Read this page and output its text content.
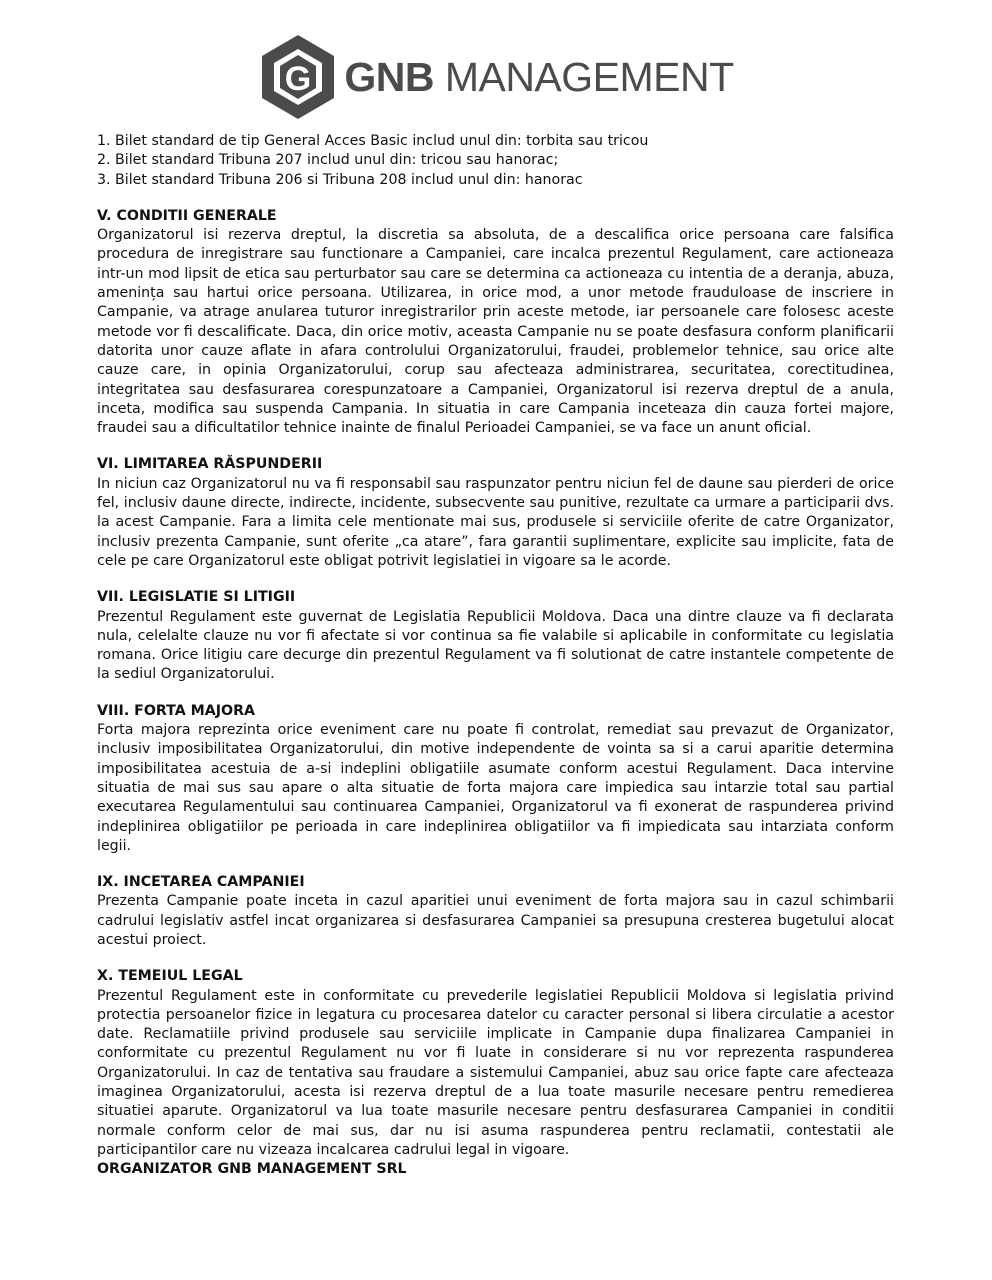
G GNB MANAGEMENT

1. Bilet standard de tip General Acces Basic includ unul din: torbita sau tricou

2. Bilet standard Tribuna 207 includ unul din: tricou sau hanorac;

3. Bilet standard Tribuna 206 si Tribuna 208 includ unul din: hanorac

V. CONDITII GENERALE

Organizatorul isi rezerva dreptul, la discretia sa absoluta, de a descalifica orice persoana care falsifica procedura de inregistrare sau functionare a Campaniei, care incalca prezentul Regulament, care actioneaza intr-un mod lipsit de etica sau perturbator sau care se determina ca actioneaza cu intentia de a deranja, abuza, amenința sau hartui orice persoana. Utilizarea, in orice mod, a unor metode frauduloase de inscriere in Campanie, va atrage anularea tuturor inregistrarilor prin aceste metode, iar persoanele care folosesc aceste metode vor fi descalificate. Daca, din orice motiv, aceasta Campanie nu se poate desfasura conform planificarii datorita unor cauze aflate in afara controlului Organizatorului, fraudei, problemelor tehnice, sau orice alte cauze care, in opinia Organizatorului, corup sau afecteaza administrarea, securitatea, corectitudinea, integritatea sau desfasurarea corespunzatoare a Campaniei, Organizatorul isi rezerva dreptul de a anula, inceta, modifica sau suspenda Campania. In situatia in care Campania inceteaza din cauza fortei majore, fraudei sau a dificultatilor tehnice inainte de finalul Perioadei Campaniei, se va face un anunt oficial.

VI. LIMITAREA RĂSPUNDERII

In niciun caz Organizatorul nu va fi responsabil sau raspunzator pentru niciun fel de daune sau pierderi de orice fel, inclusiv daune directe, indirecte, incidente, subsecvente sau punitive, rezultate ca urmare a participarii dvs. la acest Campanie. Fara a limita cele mentionate mai sus, produsele si serviciile oferite de catre Organizator, inclusiv prezenta Campanie, sunt oferite „ca atare”, fara garantii suplimentare, explicite sau implicite, fata de cele pe care Organizatorul este obligat potrivit legislatiei in vigoare sa le acorde.

VII. LEGISLATIE SI LITIGII

Prezentul Regulament este guvernat de Legislatia Republicii Moldova. Daca una dintre clauze va fi declarata nula, celelalte clauze nu vor fi afectate si vor continua sa fie valabile si aplicabile in conformitate cu legislatia romana. Orice litigiu care decurge din prezentul Regulament va fi solutionat de catre instantele competente de la sediul Organizatorului.

VIII. FORTA MAJORA

Forta majora reprezinta orice eveniment care nu poate fi controlat, remediat sau prevazut de Organizator, inclusiv imposibilitatea Organizatorului, din motive independente de vointa sa si a carui aparitie determina imposibilitatea acestuia de a-si indeplini obligatiile asumate conform acestui Regulament. Daca intervine situatia de mai sus sau apare o alta situatie de forta majora care impiedica sau intarzie total sau partial executarea Regulamentului sau continuarea Campaniei, Organizatorul va fi exonerat de raspunderea privind indeplinirea obligatiilor pe perioada in care indeplinirea obligatiilor va fi impiedicata sau intarziata conform legii.

IX. INCETAREA CAMPANIEI

Prezenta Campanie poate inceta in cazul aparitiei unui eveniment de forta majora sau in cazul schimbarii cadrului legislativ astfel incat organizarea si desfasurarea Campaniei sa presupuna cresterea bugetului alocat acestui proiect.

X. TEMEIUL LEGAL

Prezentul Regulament este in conformitate cu prevederile legislatiei Republicii Moldova si legislatia privind protectia persoanelor fizice in legatura cu procesarea datelor cu caracter personal si libera circulatie a acestor date. Reclamatiile privind produsele sau serviciile implicate in Campanie dupa finalizarea Campaniei in conformitate cu prezentul Regulament nu vor fi luate in considerare si nu vor reprezenta raspunderea Organizatorului. In caz de tentativa sau fraudare a sistemului Campaniei, abuz sau orice fapte care afecteaza imaginea Organizatorului, acesta isi rezerva dreptul de a lua toate masurile necesare pentru remedierea situatiei aparute. Organizatorul va lua toate masurile necesare pentru desfasurarea Campaniei in conditii normale conform celor de mai sus, dar nu isi asuma raspunderea pentru reclamatii, contestatii ale participantilor care nu vizeaza incalcarea cadrului legal in vigoare.

ORGANIZATOR GNB MANAGEMENT SRL
